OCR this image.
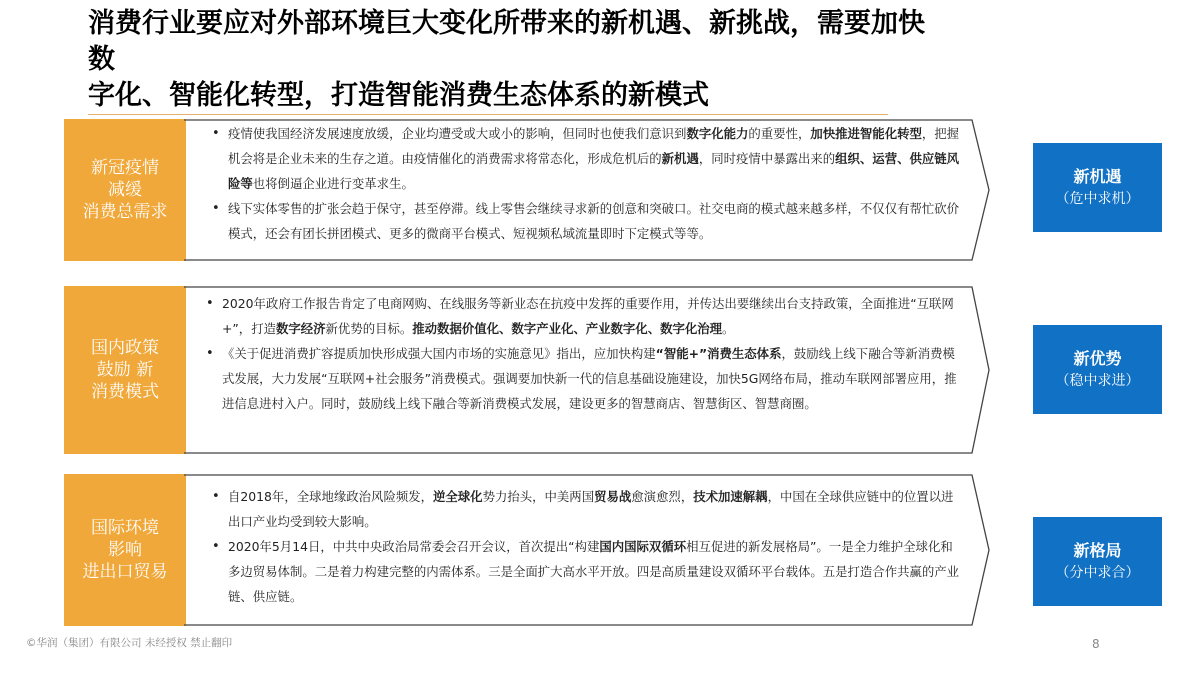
消费行业要应对外部环境巨大变化所带来的新机遇、新挑战，需要加快
数
字化、智能化转型，打造智能消费生态体系的新模式
新冠疫情
减缓
消费总需求
• 疫情使我国经济发展速度放缓，企业均遭受或大或小的影响，但同时也使我们意识到数字化能力的重要性，加快推进智能化转型，把握机会将是企业未来的生存之道。由疫情催化的消费需求将常态化，形成危机后的新机遇，同时疫情中暴露出来的组织、运营、供应链风险等也将倒逼企业进行变革求生。
• 线下实体零售的扩张会趋于保守，甚至停滞。线上零售会继续寻求新的创意和突破口。社交电商的模式越来越多样，不仅仅有帮忙砍价模式，还会有团长拼团模式、更多的微商平台模式、短视频私域流量即时下定模式等等。
新机遇
（危中求机）
国内政策
鼓励 新
消费模式
• 2020年政府工作报告肯定了电商网购、在线服务等新业态在抗疫中发挥的重要作用，并传达出要继续出台支持政策，全面推进“互联网+”，打造数字经济新优势的目标。推动数据价值化、数字产业化、产业数字化、数字化治理。
• 《关于促进消费扩容提质加快形成强大国内市场的实施意见》指出，应加快构建“智能+”消费生态体系，鼓励线上线下融合等新消费模式发展，大力发展“互联网+社会服务”消费模式。强调要加快新一代的信息基础设施建设，加快5G网络布局，推动车联网部署应用，推进信息进村入户。同时，鼓励线上线下融合等新消费模式发展，建设更多的智慧商店、智慧街区、智慧商圈。
新优势
（稳中求进）
国际环境
影响
进出口贸易
• 自2018年，全球地缘政治风险频发，逆全球化势力抬头，中美两国贸易战愈演愈烈，技术加速解耦，中国在全球供应链中的位置以进出口产业均受到较大影响。
• 2020年5月14日，中共中央政治局常委会召开会议，首次提出“构建国内国际双循环相互促进的新发展格局”。一是全力维护全球化和多边贸易体制。二是着力构建完整的内需体系。三是全面扩大高水平开放。四是高质量建设双循环平台载体。五是打造合作共赢的产业链、供应链。
新格局
（分中求合）
©华润（集团）有限公司 未经授权 禁止翻印	8
